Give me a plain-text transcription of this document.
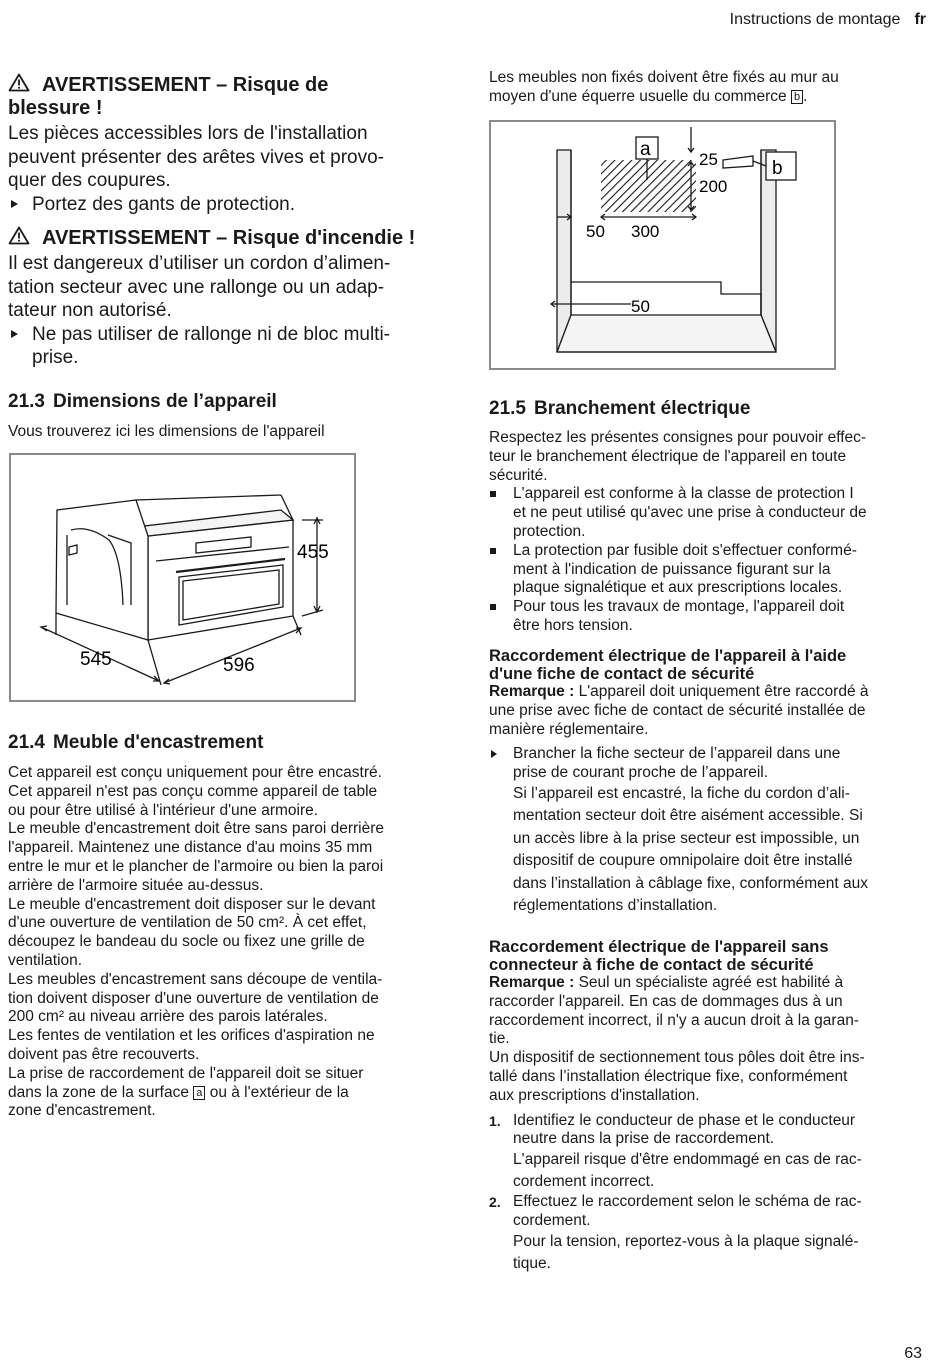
Instructions de montage fr
AVERTISSEMENT – Risque de
blessure !
Les pièces accessibles lors de l'installation
peuvent présenter des arêtes vives et provo-
quer des coupures.
Portez des gants de protection.
AVERTISSEMENT – Risque d'incendie !
Il est dangereux d’utiliser un cordon d’alimen-
tation secteur avec une rallonge ou un adap-
tateur non autorisé.
Ne pas utiliser de rallonge ni de bloc multi-
prise.
21.3 Dimensions de l’appareil
Vous trouverez ici les dimensions de l'appareil
455
545	596
21.4 Meuble d'encastrement
Cet appareil est conçu uniquement pour être encastré.
Cet appareil n'est pas conçu comme appareil de table
ou pour être utilisé à l'intérieur d'une armoire.
Le meuble d'encastrement doit être sans paroi derrière
l'appareil. Maintenez une distance d'au moins 35 mm
entre le mur et le plancher de l'armoire ou bien la paroi
arrière de l'armoire située au-dessus.
Le meuble d'encastrement doit disposer sur le devant
d'une ouverture de ventilation de 50 cm². À cet effet,
découpez le bandeau du socle ou fixez une grille de
ventilation.
Les meubles d'encastrement sans découpe de ventila-
tion doivent disposer d'une ouverture de ventilation de
200 cm² au niveau arrière des parois latérales.
Les fentes de ventilation et les orifices d'aspiration ne
doivent pas être recouverts.
La prise de raccordement de l'appareil doit se situer
dans la zone de la surface a ou à l'extérieur de la
zone d'encastrement.
Les meubles non fixés doivent être fixés au mur au
moyen d'une équerre usuelle du commerce b .
a
b
25
200
50 300
50
21.5 Branchement électrique
Respectez les présentes consignes pour pouvoir effec-
teur le branchement électrique de l'appareil en toute
sécurité.
L'appareil est conforme à la classe de protection I
et ne peut utilisé qu'avec une prise à conducteur de
protection.
La protection par fusible doit s'effectuer conformé-
ment à l'indication de puissance figurant sur la
plaque signalétique et aux prescriptions locales.
Pour tous les travaux de montage, l'appareil doit
être hors tension.
Raccordement électrique de l'appareil à l'aide
d'une fiche de contact de sécurité
Remarque : L'appareil doit uniquement être raccordé à
une prise avec fiche de contact de sécurité installée de
manière réglementaire.
Brancher la fiche secteur de l’appareil dans une
prise de courant proche de l’appareil.
Si l’appareil est encastré, la fiche du cordon d’ali-
mentation secteur doit être aisément accessible. Si
un accès libre à la prise secteur est impossible, un
dispositif de coupure omnipolaire doit être installé
dans l’installation à câblage fixe, conformément aux
réglementations d’installation.
Raccordement électrique de l'appareil sans
connecteur à fiche de contact de sécurité
Remarque : Seul un spécialiste agréé est habilité à
raccorder l'appareil. En cas de dommages dus à un
raccordement incorrect, il n'y a aucun droit à la garan-
tie.
Un dispositif de sectionnement tous pôles doit être ins-
tallé dans l’installation électrique fixe, conformément
aux prescriptions d'installation.
1. Identifiez le conducteur de phase et le conducteur
neutre dans la prise de raccordement.
L'appareil risque d'être endommagé en cas de rac-
cordement incorrect.
2. Effectuez le raccordement selon le schéma de rac-
cordement.
Pour la tension, reportez-vous à la plaque signalé-
tique.
63
